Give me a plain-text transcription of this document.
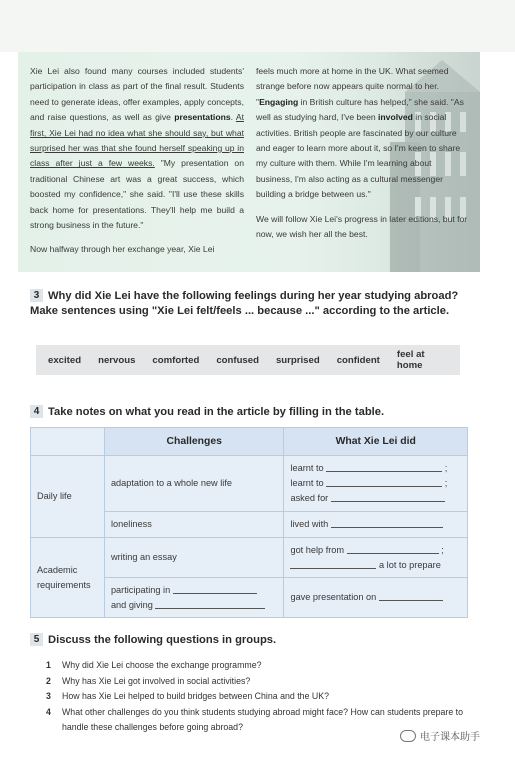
Xie Lei also found many courses included students' participation in class as part of the final result. Students need to generate ideas, offer examples, apply concepts, and raise questions, as well as give presentations. At first, Xie Lei had no idea what she should say, but what surprised her was that she found herself speaking up in class after just a few weeks. "My presentation on traditional Chinese art was a great success, which boosted my confidence," she said. "I'll use these skills back home for presentations. They'll help me build a strong business in the future."

Now halfway through her exchange year, Xie Lei

feels much more at home in the UK. What seemed strange before now appears quite normal to her. "Engaging in British culture has helped," she said. "As well as studying hard, I've been involved in social activities. British people are fascinated by our culture and eager to learn more about it, so I'm keen to share my culture with them. While I'm learning about business, I'm also acting as a cultural messenger building a bridge between us."

We will follow Xie Lei's progress in later editions, but for now, we wish her all the best.

3 Why did Xie Lei have the following feelings during her year studying abroad? Make sentences using "Xie Lei felt/feels ... because ..." according to the article.
excited nervous comforted confused surprised confident feel at home
4 Take notes on what you read in the article by filling in the table.
	Challenges	What Xie Lei did
Daily life	adaptation to a whole new life	learnt to ;
learnt to ;
asked for

	loneliness	lived with
Academic requirements	writing an essay	got help from ;
a lot to prepare

	participating in
and giving	gave presentation on
5 Discuss the following questions in groups.
1	Why did Xie Lei choose the exchange programme?
2	Why has Xie Lei got involved in social activities?
3	How has Xie Lei helped to build bridges between China and the UK?
4	What other challenges do you think students studying abroad might face? How can students prepare to handle these challenges before going abroad?
电子课本助手
